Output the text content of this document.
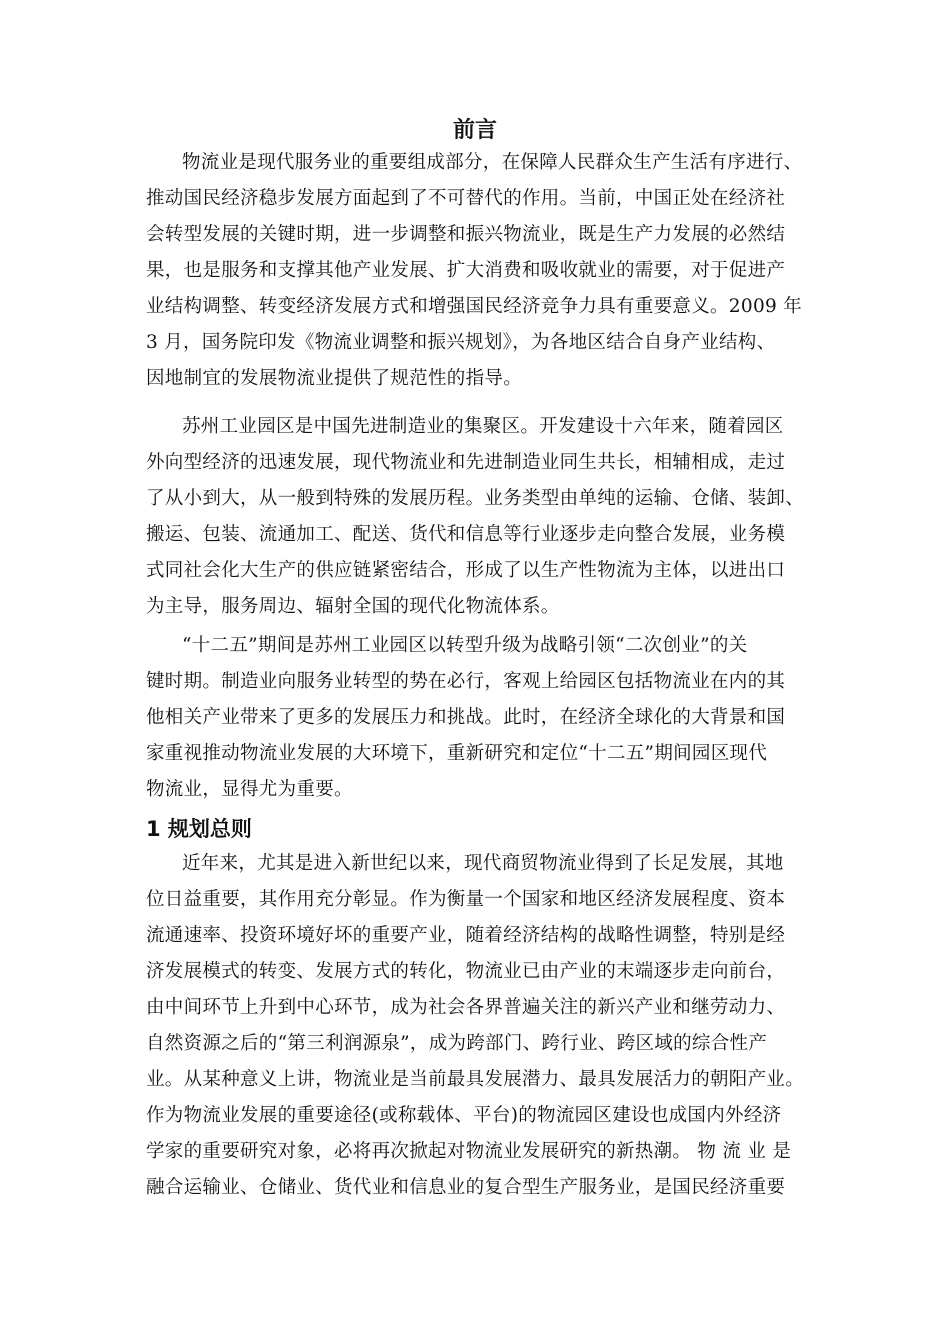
前言
物流业是现代服务业的重要组成部分，在保障人民群众生产生活有序进行、
推动国民经济稳步发展方面起到了不可替代的作用。当前，中国正处在经济社
会转型发展的关键时期，进一步调整和振兴物流业，既是生产力发展的必然结
果，也是服务和支撑其他产业发展、扩大消费和吸收就业的需要，对于促进产
业结构调整、转变经济发展方式和增强国民经济竞争力具有重要意义。2009 年
3 月，国务院印发《物流业调整和振兴规划》，为各地区结合自身产业结构、
因地制宜的发展物流业提供了规范性的指导。
苏州工业园区是中国先进制造业的集聚区。开发建设十六年来，随着园区
外向型经济的迅速发展，现代物流业和先进制造业同生共长，相辅相成，走过
了从小到大，从一般到特殊的发展历程。业务类型由单纯的运输、仓储、装卸、
搬运、包装、流通加工、配送、货代和信息等行业逐步走向整合发展，业务模
式同社会化大生产的供应链紧密结合，形成了以生产性物流为主体，以进出口
为主导，服务周边、辐射全国的现代化物流体系。
“十二五”期间是苏州工业园区以转型升级为战略引领“二次创业”的关
键时期。制造业向服务业转型的势在必行，客观上给园区包括物流业在内的其
他相关产业带来了更多的发展压力和挑战。此时，在经济全球化的大背景和国
家重视推动物流业发展的大环境下，重新研究和定位“十二五”期间园区现代
物流业，显得尤为重要。
1 规划总则
近年来，尤其是进入新世纪以来，现代商贸物流业得到了长足发展，其地
位日益重要，其作用充分彰显。作为衡量一个国家和地区经济发展程度、资本
流通速率、投资环境好坏的重要产业，随着经济结构的战略性调整，特别是经
济发展模式的转变、发展方式的转化，物流业已由产业的末端逐步走向前台，
由中间环节上升到中心环节，成为社会各界普遍关注的新兴产业和继劳动力、
自然资源之后的“第三利润源泉”，成为跨部门、跨行业、跨区域的综合性产
业。从某种意义上讲，物流业是当前最具发展潜力、最具发展活力的朝阳产业。
作为物流业发展的重要途径(或称载体、平台)的物流园区建设也成国内外经济
学家的重要研究对象，必将再次掀起对物流业发展研究的新热潮。 物 流 业 是
融合运输业、仓储业、货代业和信息业的复合型生产服务业，是国民经济重要
